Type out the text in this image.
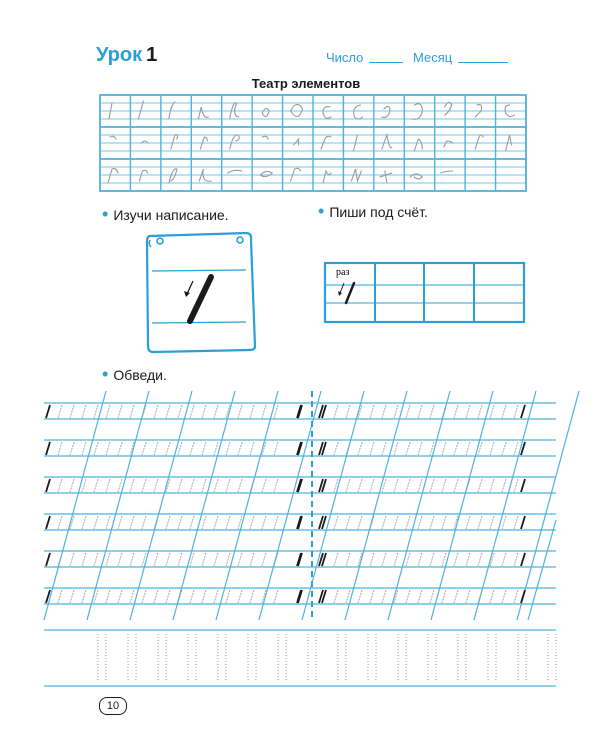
Урок 1	Число	Месяц
Театр элементов
• Изучи написание.	• Пиши под счёт.
• Обведи.
раз
10
